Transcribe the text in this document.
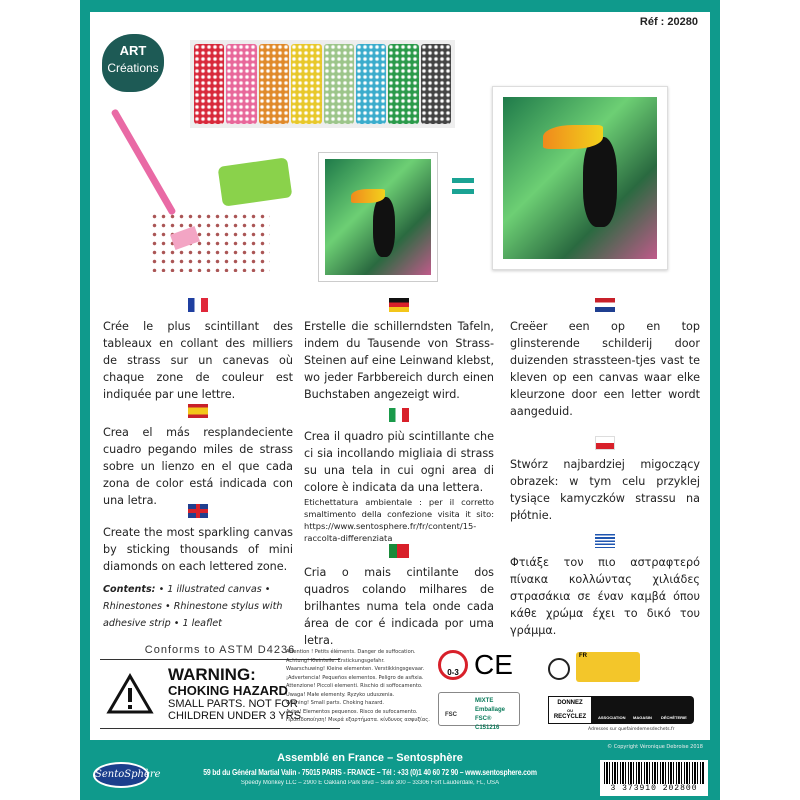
Réf : 20280
ART
Créations

Crée le plus scintillant des tableaux en collant des milliers de strass sur un canevas où chaque zone de couleur est indiquée par une lettre.

Erstelle die schillerndsten Tafeln, indem du Tausende von Strass-Steinen auf eine Leinwand klebst, wo jeder Farbbereich durch einen Buchstaben angezeigt wird.

Creëer een op en top glinsterende schilderij door duizenden strassteen-tjes vast te kleven op een canvas waar elke kleurzone door een letter wordt aangeduid.

Crea el más resplandeciente cuadro pegando miles de strass sobre un lienzo en el que cada zona de color está indicada con una letra.

Crea il quadro più scintillante che ci sia incollando migliaia di strass su una tela in cui ogni area di colore è indicata da una lettera.

Etichettatura ambientale : per il corretto smaltimento della confezione visita it sito: https://www.sentosphere.fr/fr/content/15-raccolta-differenziata

Stwórz najbardziej migoczący obrazek: w tym celu przyklej tysiące kamyczków strassu na płótnie.

Create the most sparkling canvas by sticking thousands of mini diamonds on each lettered zone.

Contents: • 1 illustrated canvas • Rhinestones • Rhinestone stylus with adhesive strip • 1 leaflet

Cria o mais cintilante dos quadros colando milhares de brilhantes numa tela onde cada área de cor é indicada por uma letra.

Φτιάξε τον πιο αστραφτερό πίνακα κολλώντας χιλιάδες στρασάκια σε έναν καμβά όπου κάθε χρώμα έχει το δικό του γράμμα.

Conforms to ASTM D4236
WARNING:
CHOKING HAZARD
SMALL PARTS. NOT FOR
CHILDREN UNDER 3 YRS
Attention ! Petits éléments. Danger de suffocation.
Achtung! Kleinteile. Erstickungsgefahr.
Waarschuwing! Kleine elementen. Verstikkingsgevaar.
¡Advertencia! Pequeños elementos. Peligro de asfixia.
Attenzione! Piccoli elementi. Rischio di soffocamento.
Uwaga! Małe elementy. Ryzyko uduszenia.
Warning! Small parts. Choking hazard.
Aviso! Elementos pequenos. Risco de sufocamento.
Προειδοποίηση! Μικρά εξαρτήματα. κίνδυνος ασφυξίας.
0-3 CE
MIXTE
Emballage
FSC® C151216
FSC
FR
DONNEZ
OU
RECYCLEZ	ASSOCIATION MAGASIN DÉCHÈTERIE
Adresses sur quefairedemesdechets.fr
SentoSphère
Assemblé en France – Sentosphère
59 bd du Général Martial Valin - 75015 PARIS - FRANCE – Tél : +33 (0)1 40 60 72 90 – www.sentosphere.com
Speedy Monkey LLC – 2900 E Oakland Park Blvd – Suite 300 – 33306 Fort Lauderdale, FL, USA
© Copyright Véronique Debroise 2018
3 373910 202800
